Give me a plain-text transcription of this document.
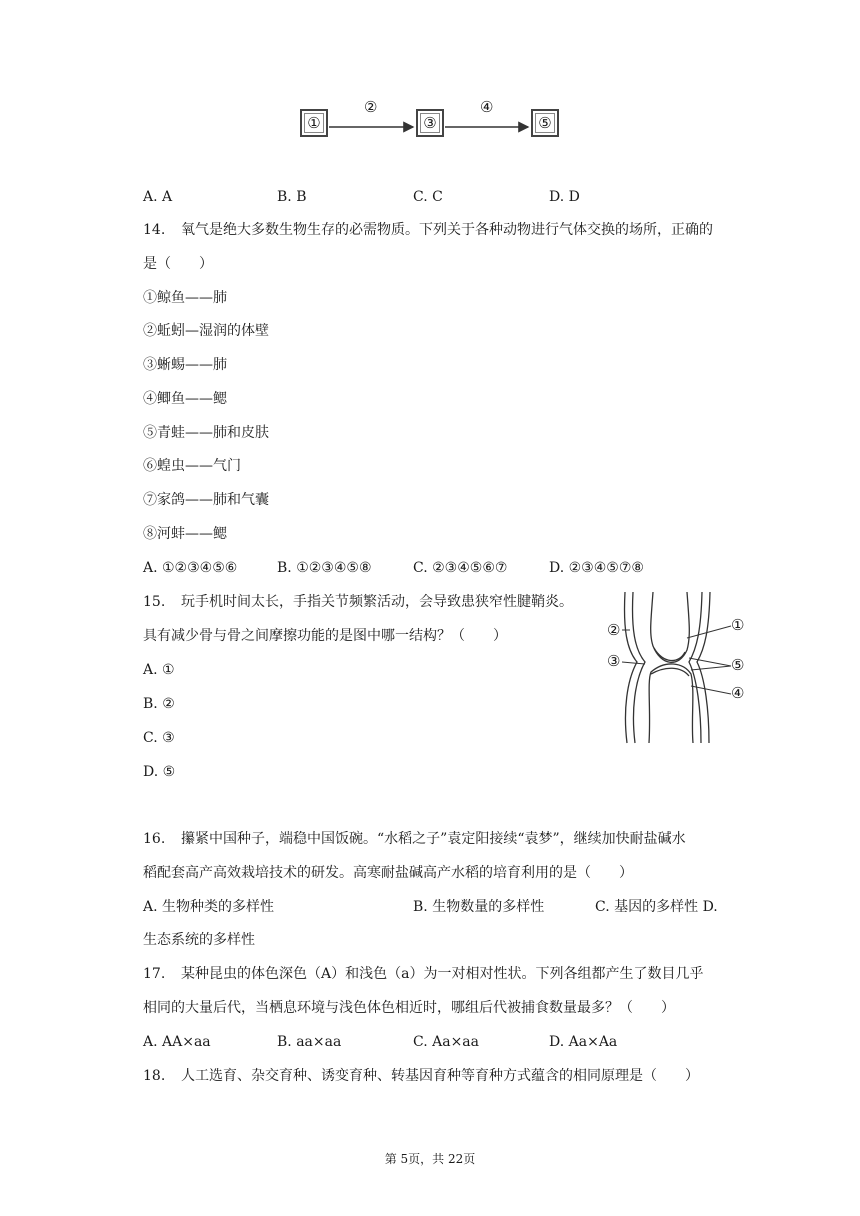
①
②
③
④
⑤
A. A	B. B	C. C	D. D
14. 氧气是绝大多数生物生存的必需物质。下列关于各种动物进行气体交换的场所，正确的
是（　　）
①鲸鱼——肺
②蚯蚓—湿润的体壁
③蜥蜴——肺
④鲫鱼——鳃
⑤青蛙——肺和皮肤
⑥蝗虫——气门
⑦家鸽——肺和气囊
⑧河蚌——鳃
A. ①②③④⑤⑥	B. ①②③④⑤⑧	C. ②③④⑤⑥⑦	D. ②③④⑤⑦⑧
15. 玩手机时间太长，手指关节频繁活动，会导致患狭窄性腱鞘炎。
具有减少骨与骨之间摩擦功能的是图中哪一结构？（　　）
A. ①
B. ②
C. ③
D. ⑤
①
②
③	⑤
④
16. 攥紧中国种子，端稳中国饭碗。“水稻之子”袁定阳接续“袁梦”，继续加快耐盐碱水
稻配套高产高效栽培技术的研发。高寒耐盐碱高产水稻的培育利用的是（　　）
A. 生物种类的多样性	B. 生物数量的多样性	C. 基因的多样性 D.
生态系统的多样性
17. 某种昆虫的体色深色（A）和浅色（a）为一对相对性状。下列各组都产生了数目几乎
相同的大量后代，当栖息环境与浅色体色相近时，哪组后代被捕食数量最多？（　　）
A. AA×aa	B. aa×aa	C. Aa×aa	D. Aa×Aa
18. 人工选育、杂交育种、诱变育种、转基因育种等育种方式蕴含的相同原理是（　　）
第 5页，共 22页
